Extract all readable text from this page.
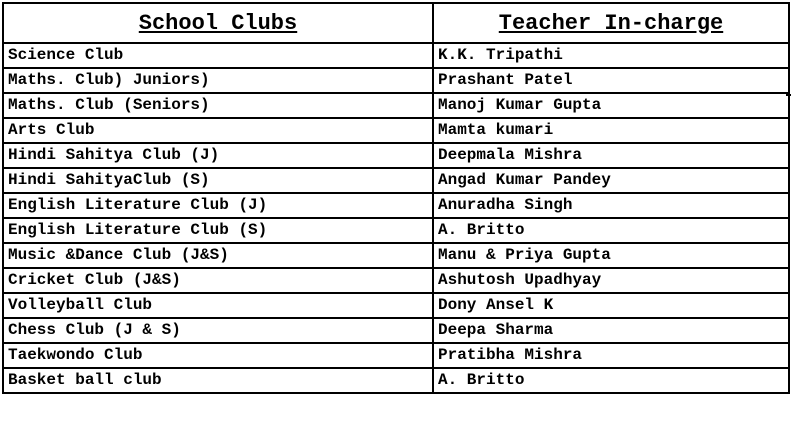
School Clubs	Teacher In-charge
Science Club	K.K. Tripathi
Maths. Club) Juniors)	Prashant Patel
Maths. Club (Seniors)	Manoj Kumar Gupta
Arts Club	Mamta kumari
Hindi Sahitya Club (J)	Deepmala Mishra
Hindi SahityaClub (S)	Angad Kumar Pandey
English Literature Club (J)	Anuradha Singh
English Literature Club (S)	A. Britto
Music &Dance Club (J&S)	Manu & Priya Gupta
Cricket Club (J&S)	Ashutosh Upadhyay
Volleyball Club	Dony Ansel K
Chess Club (J & S)	Deepa Sharma
Taekwondo Club	Pratibha Mishra
Basket ball club	A. Britto
